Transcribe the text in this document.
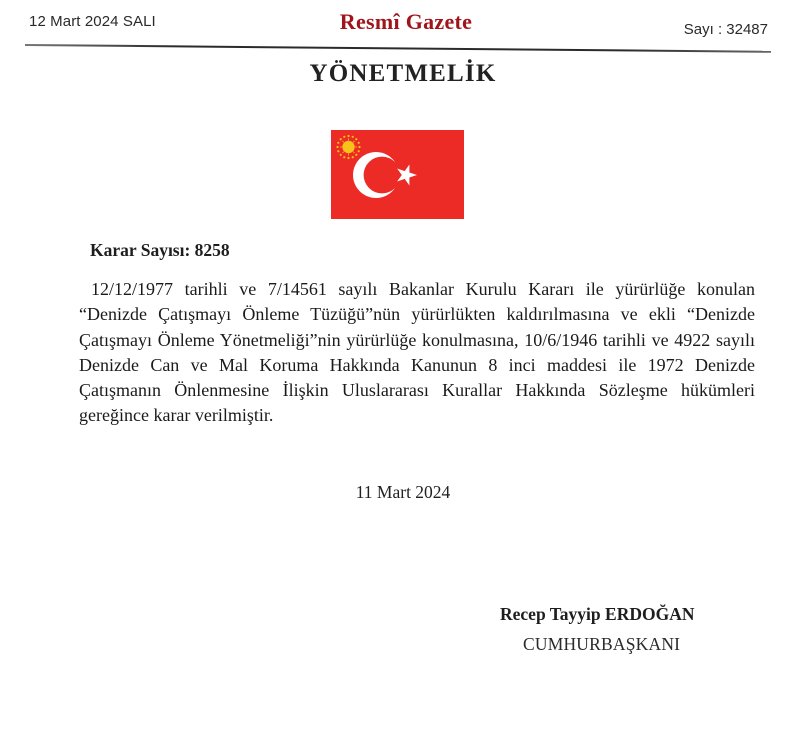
12 Mart 2024 SALI	Resmî Gazete	Sayı : 32487
YÖNETMELİK
Karar Sayısı: 8258

12/12/1977 tarihli ve 7/14561 sayılı Bakanlar Kurulu Kararı ile yürürlüğe konulan “Denizde Çatışmayı Önleme Tüzüğü”nün yürürlükten kaldırılmasına ve ekli “Denizde Çatışmayı Önleme Yönetmeliği”nin yürürlüğe konulmasına, 10/6/1946 tarihli ve 4922 sayılı Denizde Can ve Mal Koruma Hakkında Kanunun 8 inci maddesi ile 1972 Denizde Çatışmanın Önlenmesine İlişkin Uluslararası Kurallar Hakkında Sözleşme hükümleri gereğince karar verilmiştir.

11 Mart 2024
Recep Tayyip ERDOĞAN
CUMHURBAŞKANI
